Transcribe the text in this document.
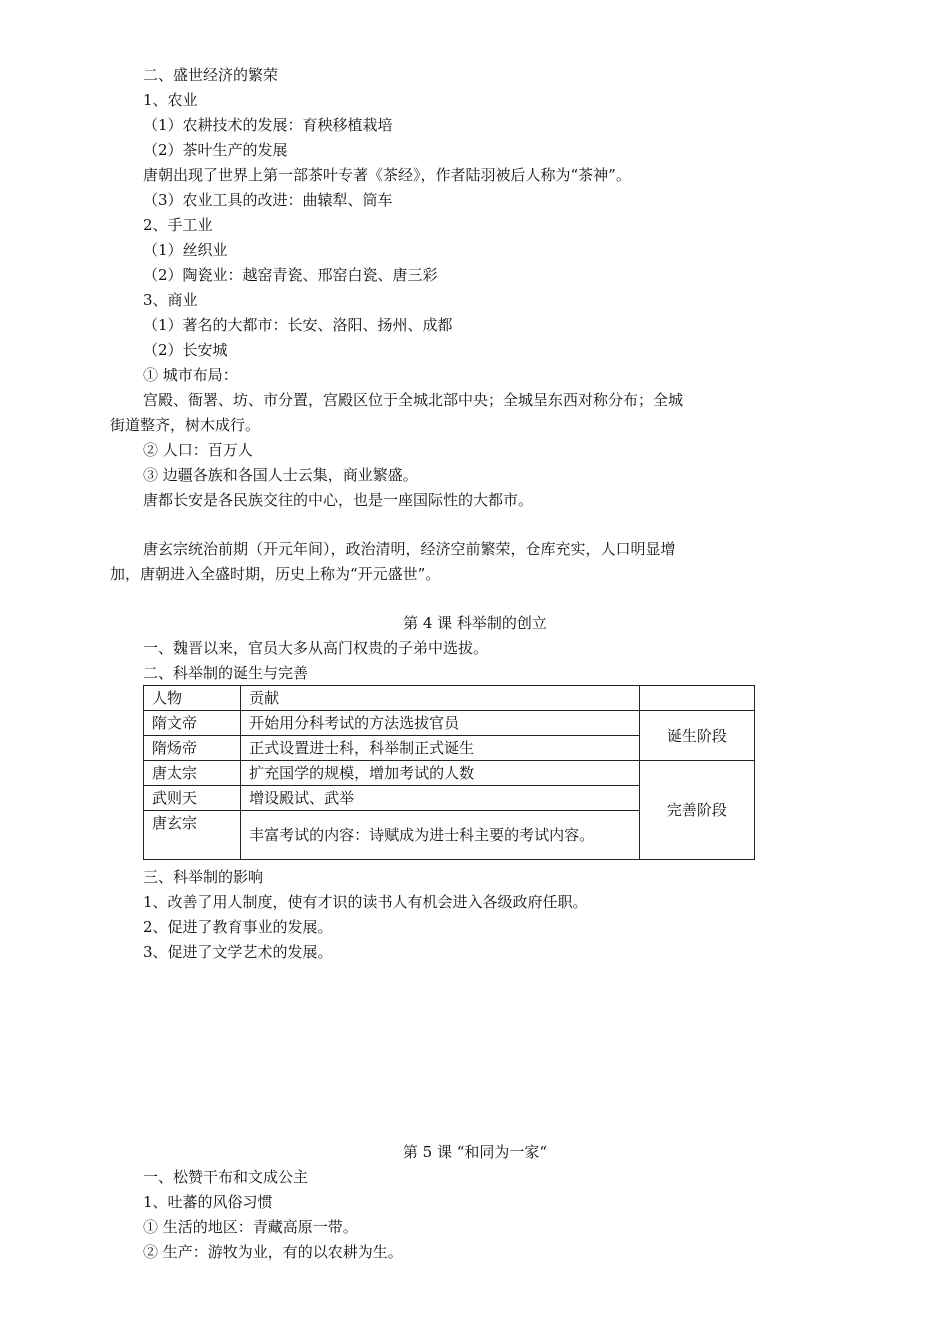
二、盛世经济的繁荣
1、农业
（1）农耕技术的发展：育秧移植栽培
（2）茶叶生产的发展
唐朝出现了世界上第一部茶叶专著《茶经》，作者陆羽被后人称为“茶神”。
（3）农业工具的改进：曲辕犁、筒车
2、手工业
（1）丝织业
（2）陶瓷业：越窑青瓷、邢窑白瓷、唐三彩
3、商业
（1）著名的大都市：长安、洛阳、扬州、成都
（2）长安城
① 城市布局：
宫殿、衙署、坊、市分置，宫殿区位于全城北部中央；全城呈东西对称分布；全城
街道整齐，树木成行。
② 人口：百万人
③ 边疆各族和各国人士云集，商业繁盛。
唐都长安是各民族交往的中心，也是一座国际性的大都市。
唐玄宗统治前期（开元年间），政治清明，经济空前繁荣，仓库充实，人口明显增
加，唐朝进入全盛时期，历史上称为“开元盛世”。
第 4 课 科举制的创立
一、魏晋以来，官员大多从高门权贵的子弟中选拔。
二、科举制的诞生与完善
人物	贡献	
隋文帝	开始用分科考试的方法选拔官员	诞生阶段
隋炀帝	正式设置进士科，科举制正式诞生	
唐太宗	扩充国学的规模，增加考试的人数	完善阶段
武则天	增设殿试、武举	
唐玄宗	丰富考试的内容：诗赋成为进士科主要的考试内容。	
三、科举制的影响
1、改善了用人制度，使有才识的读书人有机会进入各级政府任职。
2、促进了教育事业的发展。
3、促进了文学艺术的发展。
第 5 课 “和同为一家“
一、松赞干布和文成公主
1、吐蕃的风俗习惯
① 生活的地区：青藏高原一带。
② 生产：游牧为业，有的以农耕为生。
